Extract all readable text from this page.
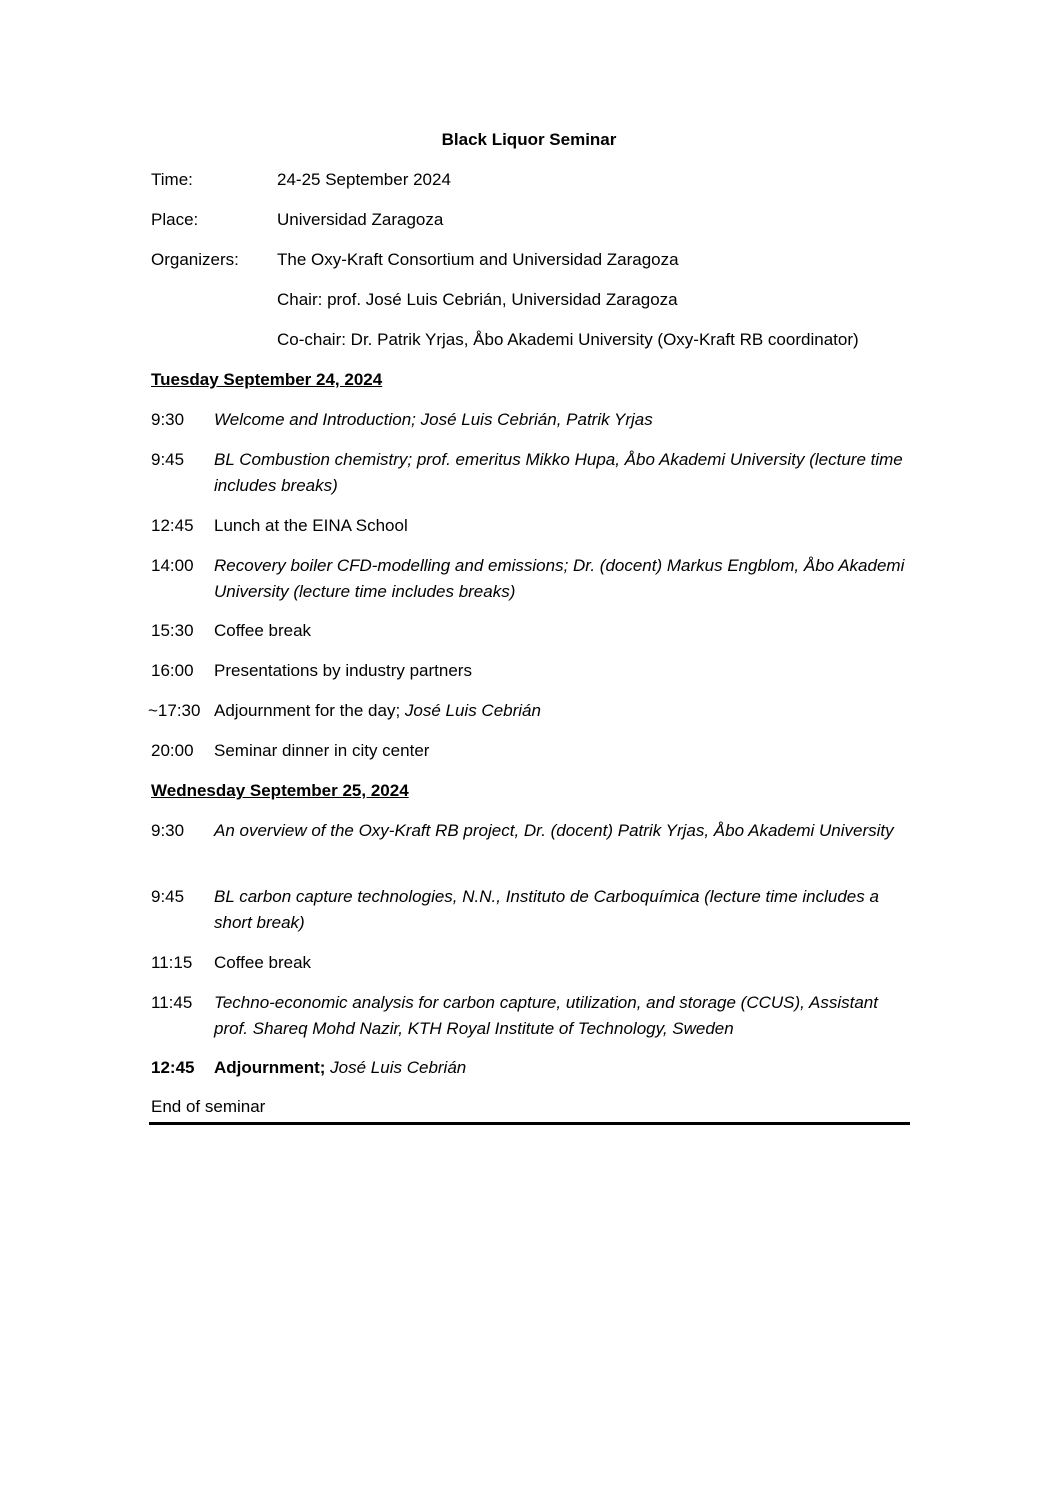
Black Liquor Seminar
Time:	24-25 September 2024
Place:	Universidad Zaragoza
Organizers: The Oxy-Kraft Consortium and Universidad Zaragoza
Chair: prof. José Luis Cebrián, Universidad Zaragoza
Co-chair: Dr. Patrik Yrjas, Åbo Akademi University (Oxy-Kraft RB coordinator)
Tuesday September 24, 2024
9:30 Welcome and Introduction; José Luis Cebrián, Patrik Yrjas
9:45 BL Combustion chemistry; prof. emeritus Mikko Hupa, Åbo Akademi University (lecture time includes breaks)
12:45 Lunch at the EINA School
14:00 Recovery boiler CFD-modelling and emissions; Dr. (docent) Markus Engblom, Åbo Akademi University (lecture time includes breaks)
15:30 Coffee break
16:00 Presentations by industry partners
~17:30 Adjournment for the day; José Luis Cebrián
20:00 Seminar dinner in city center
Wednesday September 25, 2024
9:30 An overview of the Oxy-Kraft RB project, Dr. (docent) Patrik Yrjas, Åbo Akademi University
9:45 BL carbon capture technologies, N.N., Instituto de Carboquímica (lecture time includes a short break)
11:15 Coffee break
11:45 Techno-economic analysis for carbon capture, utilization, and storage (CCUS), Assistant prof. Shareq Mohd Nazir, KTH Royal Institute of Technology, Sweden
12:45 Adjournment; José Luis Cebrián
End of seminar
